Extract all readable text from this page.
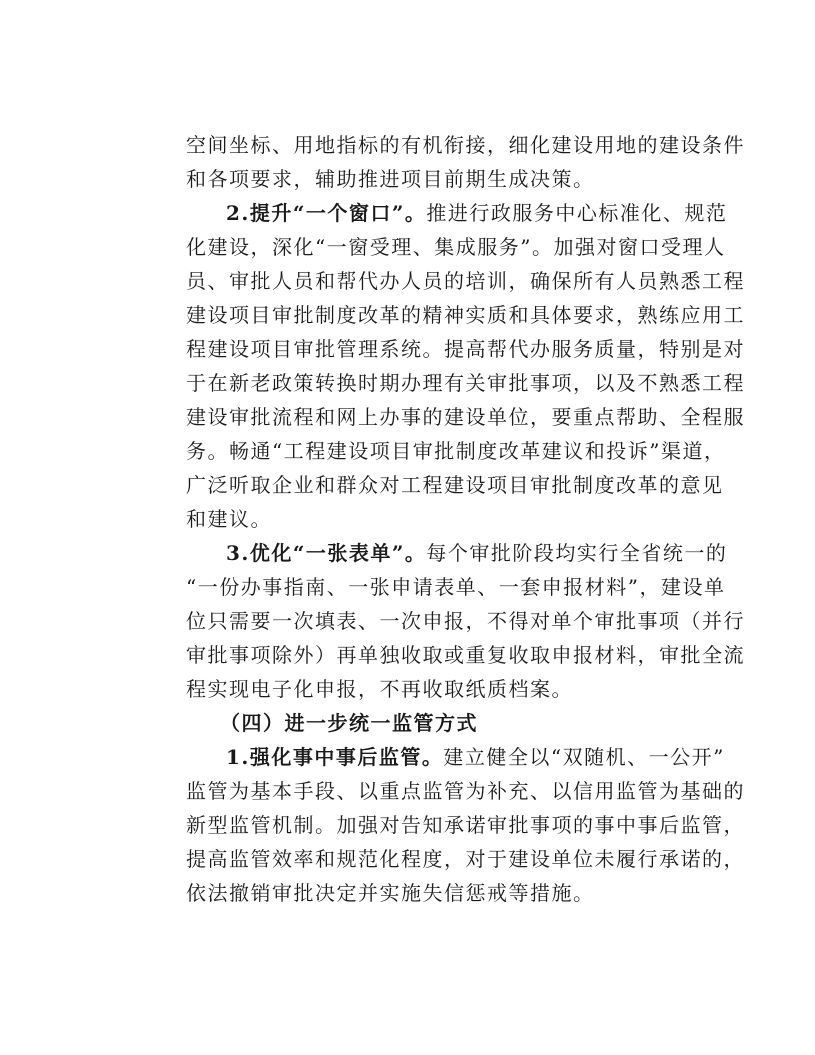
空间坐标、用地指标的有机衔接，细化建设用地的建设条件
和各项要求，辅助推进项目前期生成决策。
2.提升“一个窗口”。推进行政服务中心标准化、规范
化建设，深化“一窗受理、集成服务”。加强对窗口受理人
员、审批人员和帮代办人员的培训，确保所有人员熟悉工程
建设项目审批制度改革的精神实质和具体要求，熟练应用工
程建设项目审批管理系统。提高帮代办服务质量，特别是对
于在新老政策转换时期办理有关审批事项，以及不熟悉工程
建设审批流程和网上办事的建设单位，要重点帮助、全程服
务。畅通“工程建设项目审批制度改革建议和投诉”渠道，
广泛听取企业和群众对工程建设项目审批制度改革的意见
和建议。
3.优化“一张表单”。每个审批阶段均实行全省统一的
“一份办事指南、一张申请表单、一套申报材料”，建设单
位只需要一次填表、一次申报，不得对单个审批事项（并行
审批事项除外）再单独收取或重复收取申报材料，审批全流
程实现电子化申报，不再收取纸质档案。
（四）进一步统一监管方式
1.强化事中事后监管。建立健全以“双随机、一公开”
监管为基本手段、以重点监管为补充、以信用监管为基础的
新型监管机制。加强对告知承诺审批事项的事中事后监管，
提高监管效率和规范化程度，对于建设单位未履行承诺的，
依法撤销审批决定并实施失信惩戒等措施。
